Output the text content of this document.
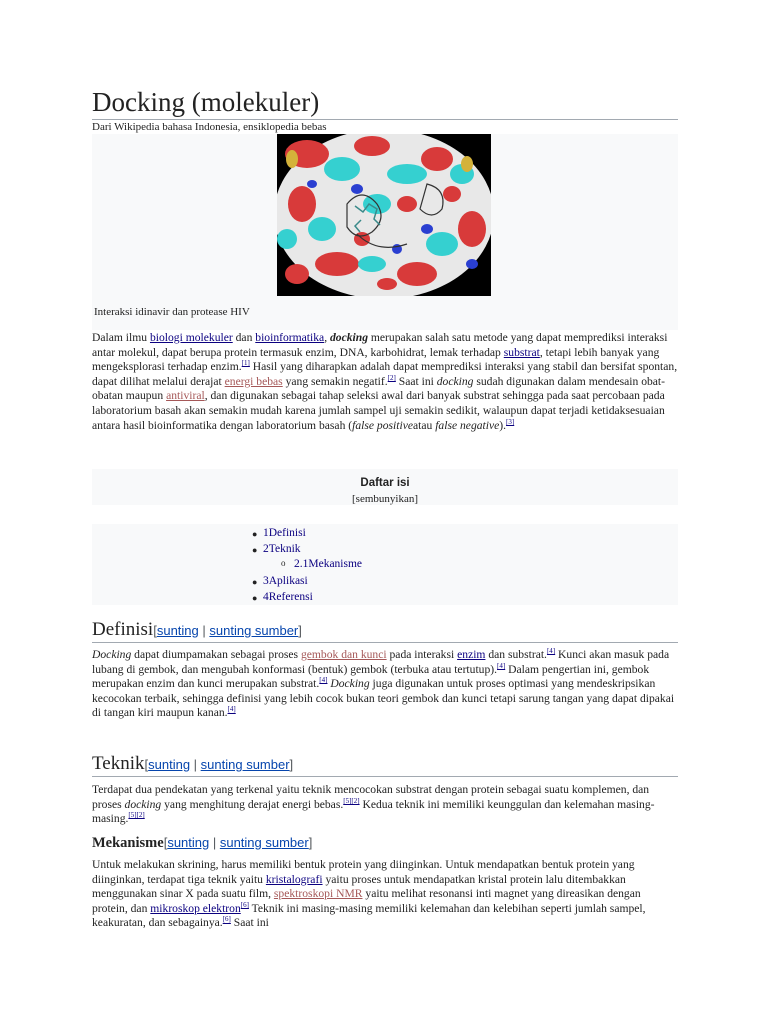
Docking (molekuler)
Dari Wikipedia bahasa Indonesia, ensiklopedia bebas
Interaksi idinavir dan protease HIV

Dalam ilmu biologi molekuler dan bioinformatika, docking merupakan salah satu metode yang dapat memprediksi interaksi antar molekul, dapat berupa protein termasuk enzim, DNA, karbohidrat, lemak terhadap substrat, tetapi lebih banyak yang mengeksplorasi terhadap enzim.[1] Hasil yang diharapkan adalah dapat memprediksi interaksi yang stabil dan bersifat spontan, dapat dilihat melalui derajat energi bebas yang semakin negatif.[2] Saat ini docking sudah digunakan dalam mendesain obat-obatan maupun antiviral, dan digunakan sebagai tahap seleksi awal dari banyak substrat sehingga pada saat percobaan pada laboratorium basah akan semakin mudah karena jumlah sampel uji semakin sedikit, walaupun dapat terjadi ketidaksesuaian antara hasil bioinformatika dengan laboratorium basah (false positiveatau false negative).[3]

Daftar isi
[sembunyikan]
● 1Definisi
● 2Teknik
o 2.1Mekanisme
● 3Aplikasi
● 4Referensi
Definisi[sunting | sunting sumber]

Docking dapat diumpamakan sebagai proses gembok dan kunci pada interaksi enzim dan substrat.[4] Kunci akan masuk pada lubang di gembok, dan mengubah konformasi (bentuk) gembok (terbuka atau tertutup).[4] Dalam pengertian ini, gembok merupakan enzim dan kunci merupakan substrat.[4] Docking juga digunakan untuk proses optimasi yang mendeskripsikan kecocokan terbaik, sehingga definisi yang lebih cocok bukan teori gembok dan kunci tetapi sarung tangan yang dapat dipakai di tangan kiri maupun kanan.[4]

Teknik[sunting | sunting sumber]

Terdapat dua pendekatan yang terkenal yaitu teknik mencocokan substrat dengan protein sebagai suatu komplemen, dan proses docking yang menghitung derajat energi bebas.[5][2] Kedua teknik ini memiliki keunggulan dan kelemahan masing-masing.[5][2]

Mekanisme[sunting | sunting sumber]

Untuk melakukan skrining, harus memiliki bentuk protein yang diinginkan. Untuk mendapatkan bentuk protein yang diinginkan, terdapat tiga teknik yaitu kristalografi yaitu proses untuk mendapatkan kristal protein lalu ditembakkan menggunakan sinar X pada suatu film, spektroskopi NMR yaitu melihat resonansi inti magnet yang direasikan dengan protein, dan mikroskop elektron[6] Teknik ini masing-masing memiliki kelemahan dan kelebihan seperti jumlah sampel, keakuratan, dan sebagainya.[6] Saat ini
